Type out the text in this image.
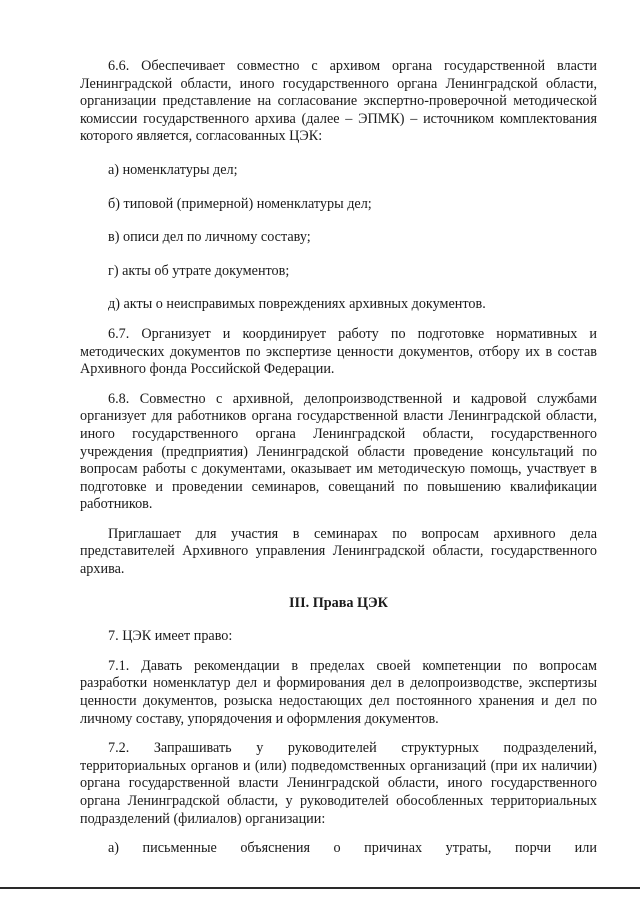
6.6. Обеспечивает совместно с архивом органа государственной власти Ленинградской области, иного государственного органа Ленинградской области, организации представление на согласование экспертно-проверочной методической комиссии государственного архива (далее – ЭПМК) – источником комплектования которого является, согласованных ЦЭК:

а) номенклатуры дел;

б) типовой (примерной) номенклатуры дел;

в) описи дел по личному составу;

г) акты об утрате документов;

д) акты о неисправимых повреждениях архивных документов.

6.7. Организует и координирует работу по подготовке нормативных и методических документов по экспертизе ценности документов, отбору их в состав Архивного фонда Российской Федерации.

6.8. Совместно с архивной, делопроизводственной и кадровой службами организует для работников органа государственной власти Ленинградской области, иного государственного органа Ленинградской области, государственного учреждения (предприятия) Ленинградской области проведение консультаций по вопросам работы с документами, оказывает им методическую помощь, участвует в подготовке и проведении семинаров, совещаний по повышению квалификации работников.

Приглашает для участия в семинарах по вопросам архивного дела представителей Архивного управления Ленинградской области, государственного архива.

III. Права ЦЭК

7. ЦЭК имеет право:

7.1. Давать рекомендации в пределах своей компетенции по вопросам разработки номенклатур дел и формирования дел в делопроизводстве, экспертизы ценности документов, розыска недостающих дел постоянного хранения и дел по личному составу, упорядочения и оформления документов.

7.2. Запрашивать у руководителей структурных подразделений, территориальных органов и (или) подведомственных организаций (при их наличии) органа государственной власти Ленинградской области, иного государственного органа Ленинградской области, у руководителей обособленных территориальных подразделений (филиалов) организации:

а) письменные объяснения о причинах утраты, порчи или
